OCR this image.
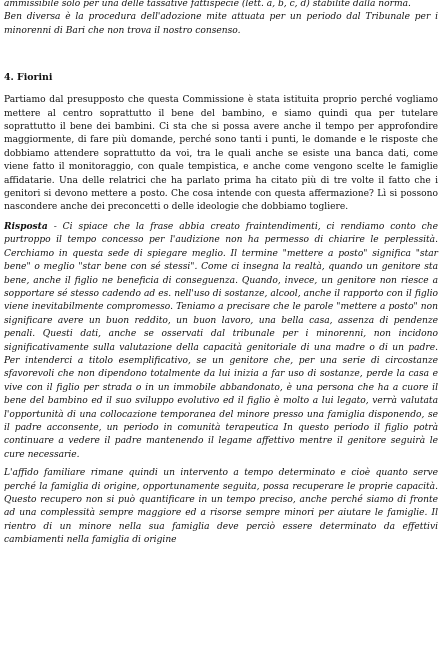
ammissibile solo per una delle tassative fattispecie (lett. a, b, c, d) stabilite dalla norma.

Ben diversa è la procedura dell'adozione mite attuata per un periodo dal Tribunale per i minorenni di Bari che non trova il nostro consenso.

4. Fiorini

Partiamo dal presupposto che questa Commissione è stata istituita proprio perché vogliamo mettere al centro soprattutto il bene del bambino, e siamo quindi qua per tutelare soprattutto il bene dei bambini. Ci sta che si possa avere anche il tempo per approfondire maggiormente, di fare più domande, perché sono tanti i punti, le domande e le risposte che dobbiamo attendere soprattutto da voi, tra le quali anche se esiste una banca dati, come viene fatto il monitoraggio, con quale tempistica, e anche come vengono scelte le famiglie affidatarie. Una delle relatrici che ha parlato prima ha citato più di tre volte il fatto che i genitori si devono mettere a posto. Che cosa intende con questa affermazione? Lì si possono nascondere anche dei preconcetti o delle ideologie che dobbiamo togliere.

Risposta - Ci spiace che la frase abbia creato fraintendimenti, ci rendiamo conto che purtroppo il tempo concesso per l'audizione non ha permesso di chiarire le perplessità. Cerchiamo in questa sede di spiegare meglio. Il termine "mettere a posto" significa "star bene" o meglio "star bene con sé stessi". Come ci insegna la realtà, quando un genitore sta bene, anche il figlio ne beneficia di conseguenza. Quando, invece, un genitore non riesce a sopportare sé stesso cadendo ad es. nell'uso di sostanze, alcool, anche il rapporto con il figlio viene inevitabilmente compromesso. Teniamo a precisare che le parole "mettere a posto" non significare avere un buon reddito, un buon lavoro, una bella casa, assenza di pendenze penali. Questi dati, anche se osservati dal tribunale per i minorenni, non incidono significativamente sulla valutazione della capacità genitoriale di una madre o di un padre. Per intenderci a titolo esemplificativo, se un genitore che, per una serie di circostanze sfavorevoli che non dipendono totalmente da lui inizia a far uso di sostanze, perde la casa e vive con il figlio per strada o in un immobile abbandonato, è una persona che ha a cuore il bene del bambino ed il suo sviluppo evolutivo ed il figlio è molto a lui legato, verrà valutata l'opportunità di una collocazione temporanea del minore presso una famiglia disponendo, se il padre acconsente, un periodo in comunità terapeutica In questo periodo il figlio potrà continuare a vedere il padre mantenendo il legame affettivo mentre il genitore seguirà le cure necessarie.

L'affido familiare rimane quindi un intervento a tempo determinato e cioè quanto serve perché la famiglia di origine, opportunamente seguita, possa recuperare le proprie capacità. Questo recupero non si può quantificare in un tempo preciso, anche perché siamo di fronte ad una complessità sempre maggiore ed a risorse sempre minori per aiutare le famiglie. Il rientro di un minore nella sua famiglia deve perciò essere determinato da effettivi cambiamenti nella famiglia di origine
